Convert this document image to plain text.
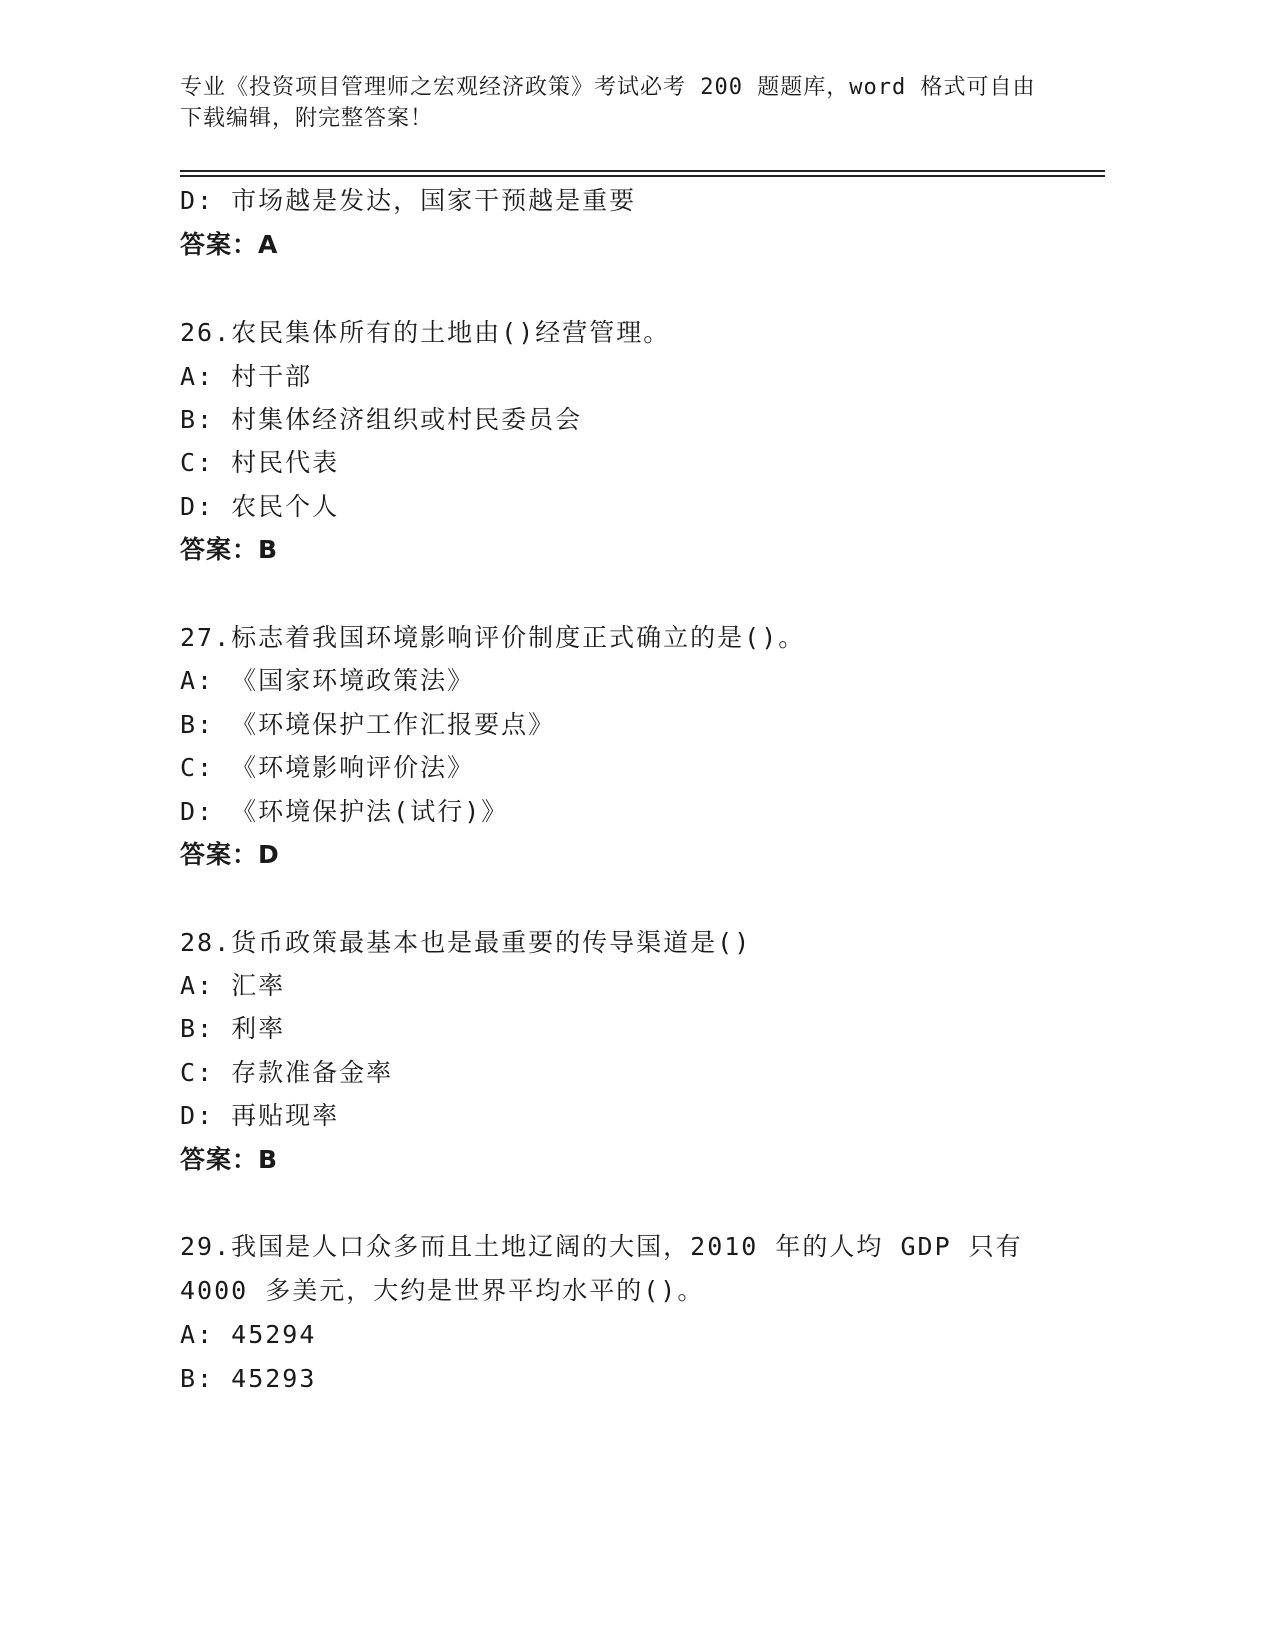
专业《投资项目管理师之宏观经济政策》考试必考 200 题题库，word 格式可自由
下载编辑，附完整答案！
D: 市场越是发达，国家干预越是重要
答案：A
26.农民集体所有的土地由()经营管理。
A: 村干部
B: 村集体经济组织或村民委员会
C: 村民代表
D: 农民个人
答案：B
27.标志着我国环境影响评价制度正式确立的是()。
A: 《国家环境政策法》
B: 《环境保护工作汇报要点》
C: 《环境影响评价法》
D: 《环境保护法(试行)》
答案：D
28.货币政策最基本也是最重要的传导渠道是()
A: 汇率
B: 利率
C: 存款准备金率
D: 再贴现率
答案：B
29.我国是人口众多而且土地辽阔的大国，2010 年的人均 GDP 只有
4000 多美元，大约是世界平均水平的()。
A: 45294
B: 45293
